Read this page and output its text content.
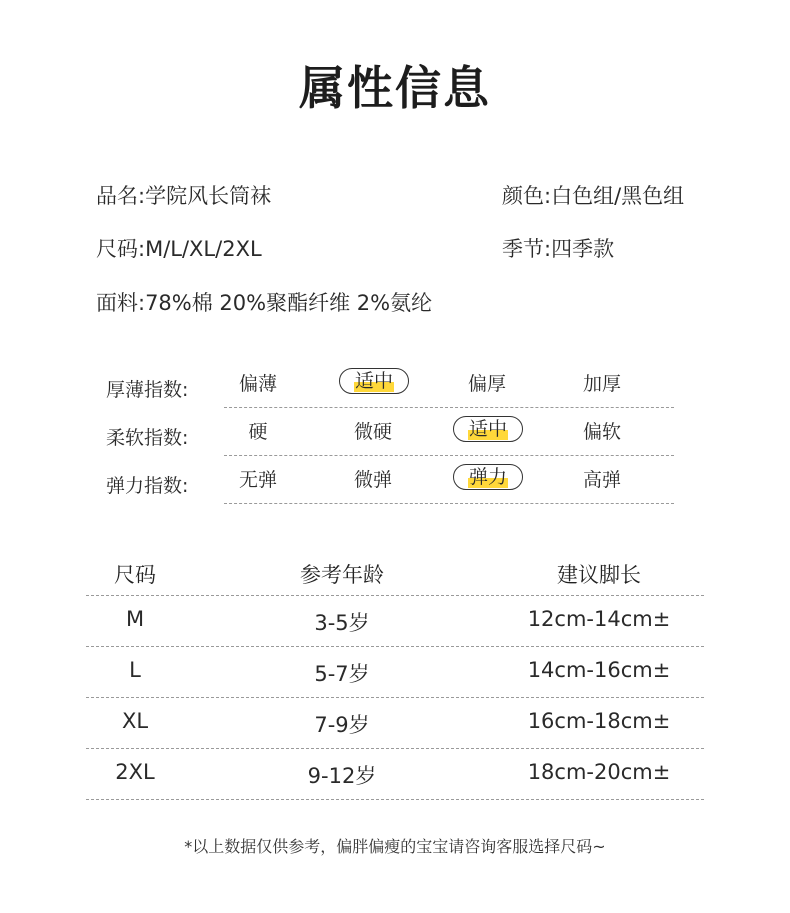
属性信息
品名:学院风长筒袜	颜色:白色组/黑色组
尺码:M/L/XL/2XL	季节:四季款
面料:78%棉 20%聚酯纤维 2%氨纶
厚薄指数:	偏薄	适中	偏厚	加厚
柔软指数:	硬	微硬	适中	偏软
弹力指数:	无弹	微弹	弹力	高弹
尺码	参考年龄	建议脚长
M	3-5岁	12cm-14cm±
L	5-7岁	14cm-16cm±
XL	7-9岁	16cm-18cm±
2XL	9-12岁	18cm-20cm±
*以上数据仅供参考，偏胖偏瘦的宝宝请咨询客服选择尺码~
